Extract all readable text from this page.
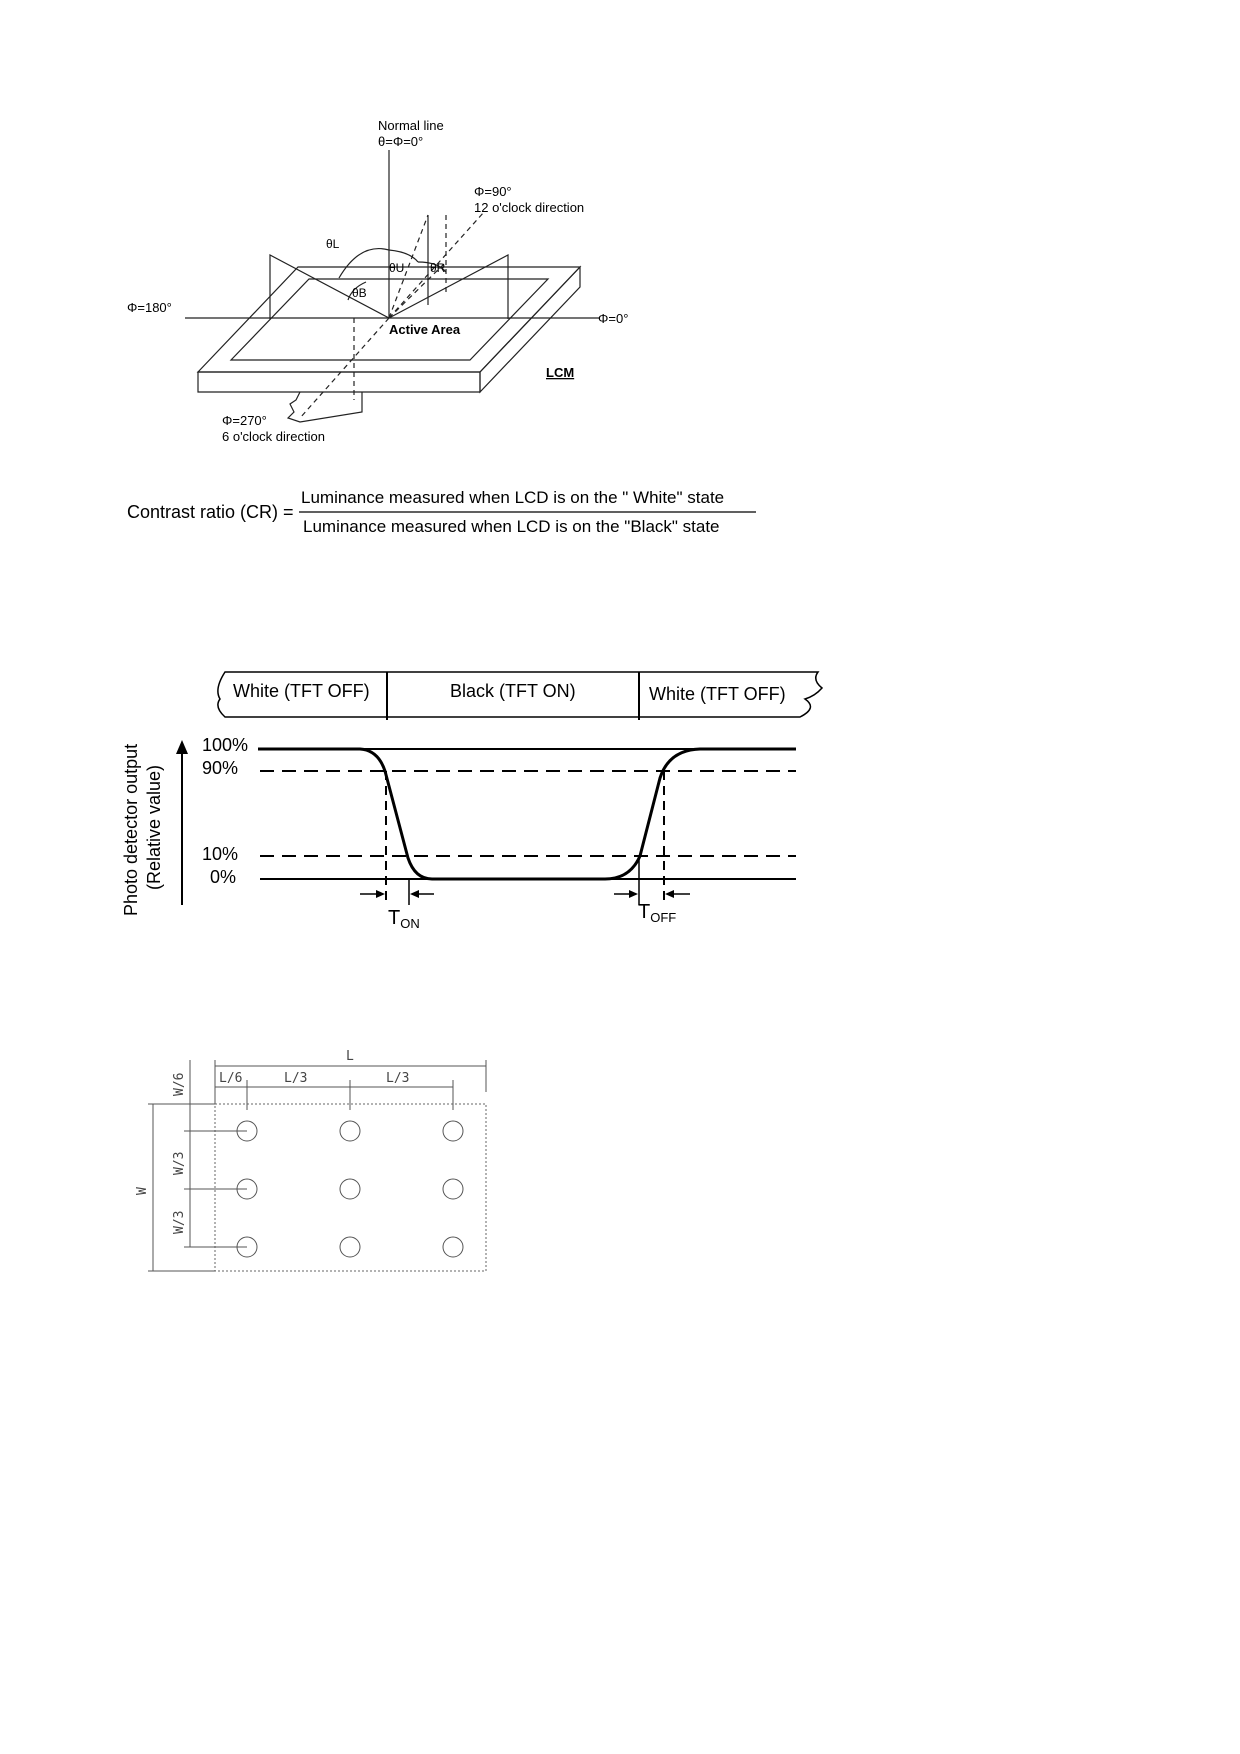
Normal line
θ=Φ=0°
Φ=90°
12 o'clock direction
Φ=180°
Φ=0°
Φ=270°
6 o'clock direction
θL
θU θR
θB
Active Area
LCM
Contrast ratio (CR) =
Luminance measured when LCD is on the " White" state
Luminance measured when LCD is on the "Black" state
White (TFT OFF)	Black (TFT ON)	White (TFT OFF)
Photo detector output (Relative value)
100%
90%
10%
0%
$T_{ON}$
$T_{OFF}$
L
L/6	L/3	L/3
W
W/6
W/3
W/3
